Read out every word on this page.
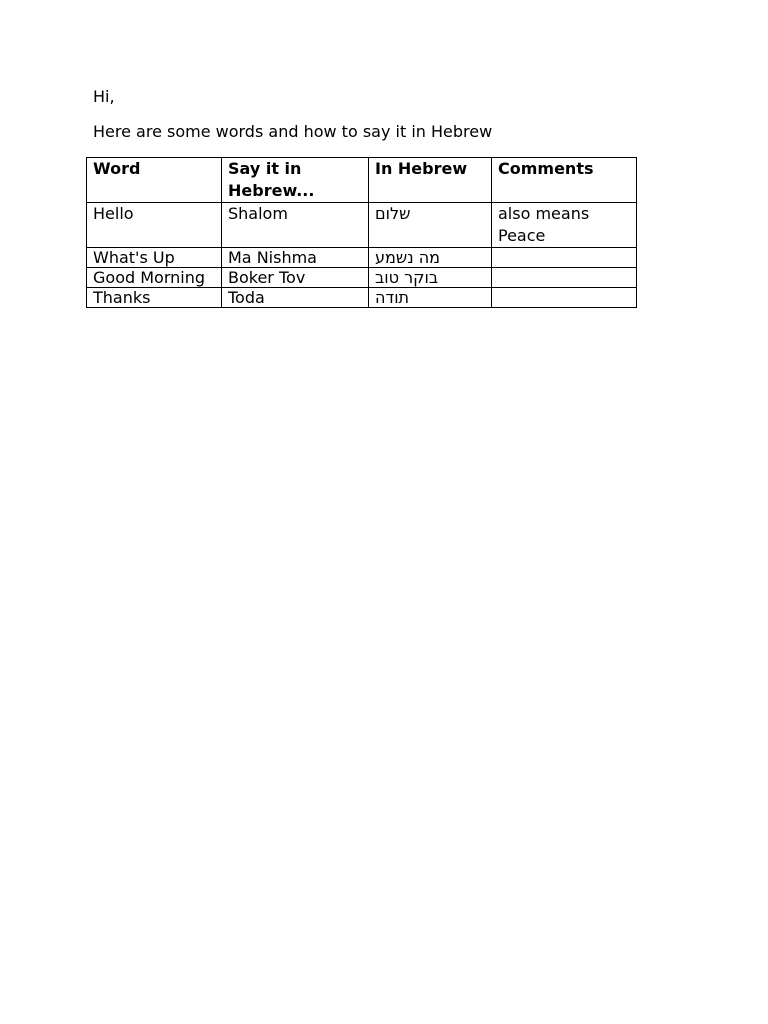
Hi,

Here are some words and how to say it in Hebrew

Word	Say it in Hebrew...	In Hebrew	Comments
Hello	Shalom	שלום	also means Peace
What's Up	Ma Nishma	מה נשמע	
Good Morning	Boker Tov	בוקר טוב	
Thanks	Toda	תודה	
